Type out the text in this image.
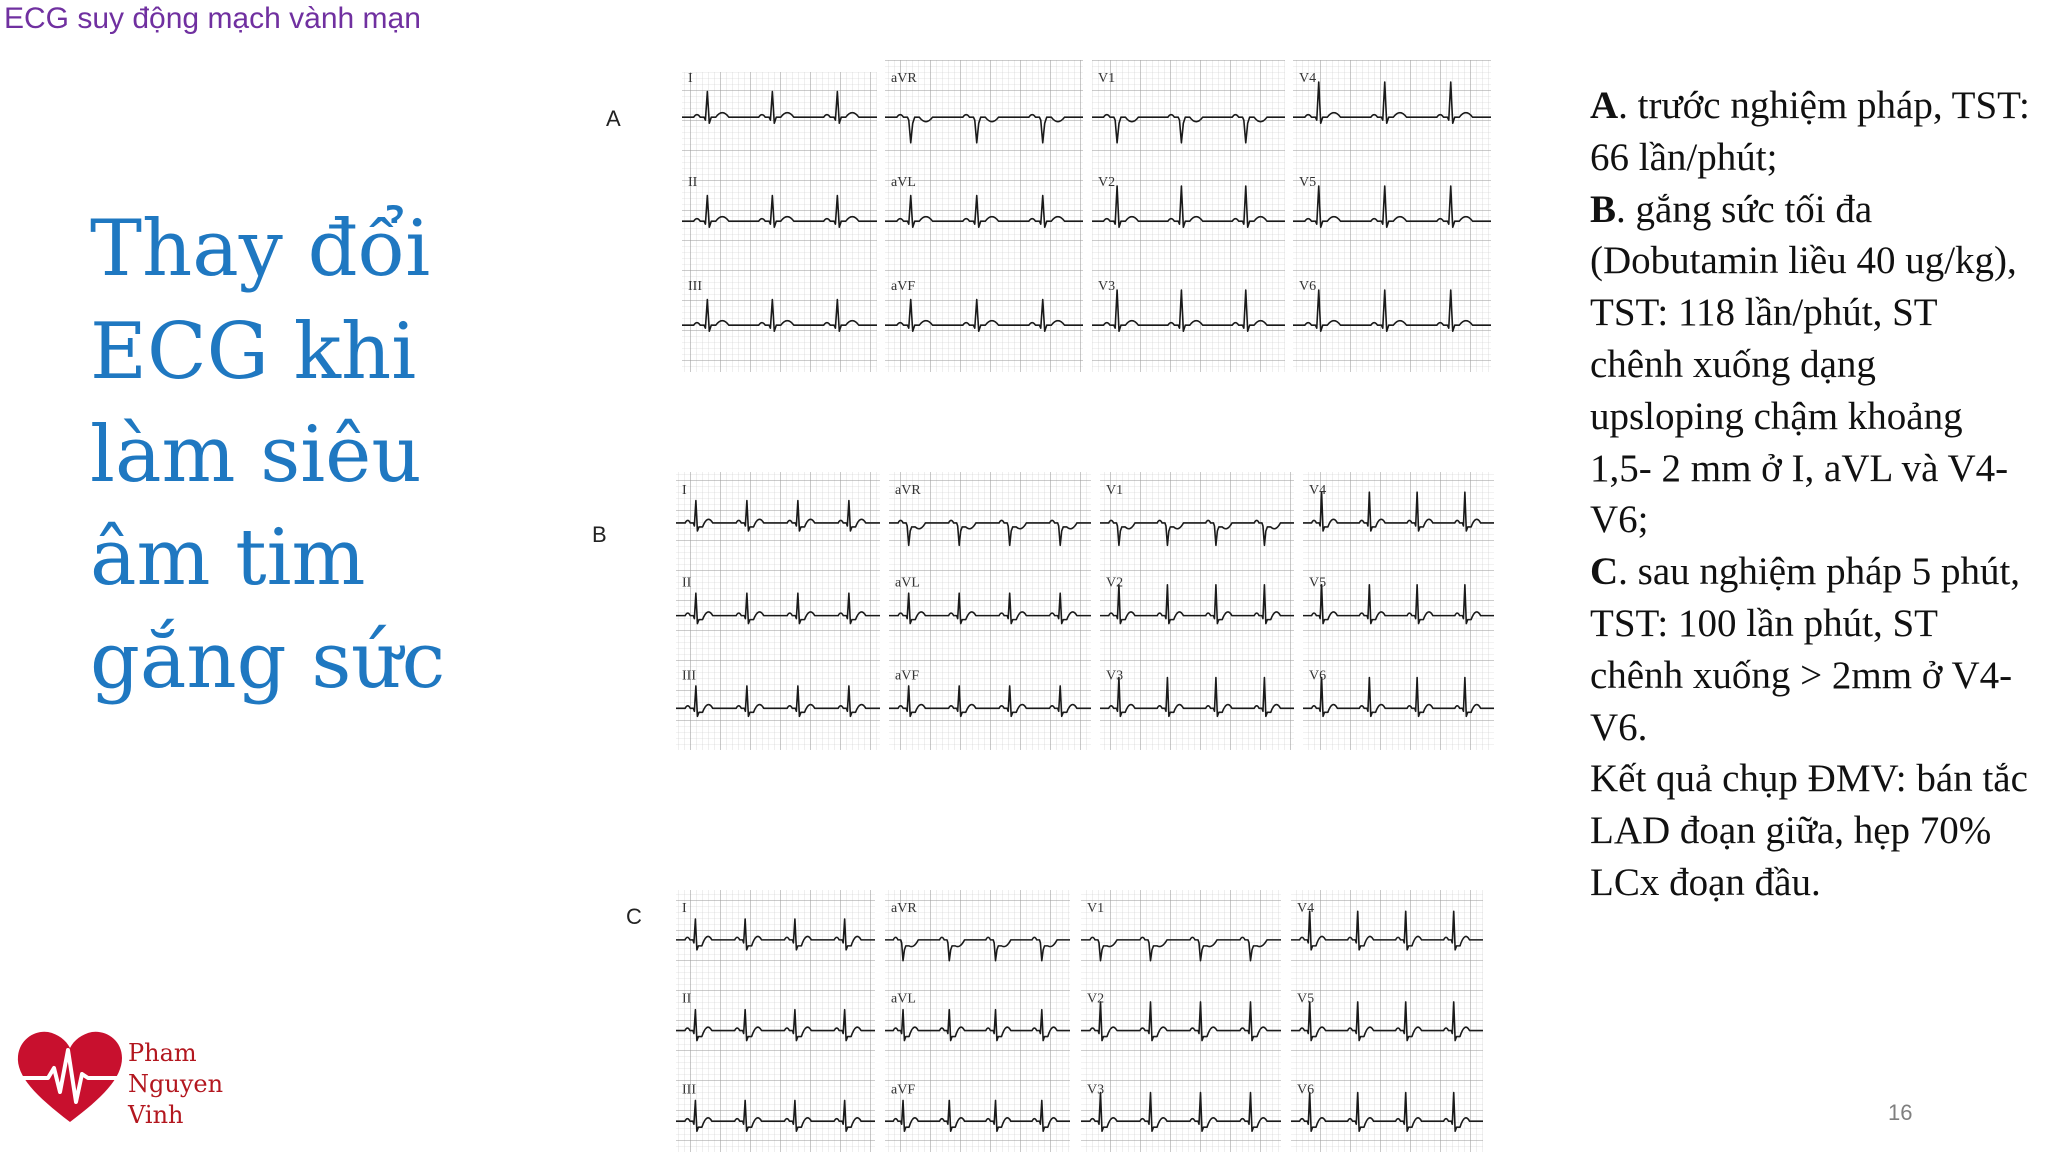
ECG suy động mạch vành mạn
Thay đổi
ECG khi
làm siêu
âm tim
gắng sức
A
B
C
I
II
III
aVR
aVL
aVF
V1
V2
V3
V4
V5
V6
I
II
III
aVR
aVL
aVF
V1
V2
V3
V4
V5
V6
I
II
III
aVR
aVL
aVF
V1
V2
V3
V4
V5
V6
A. trước nghiệm pháp, TST: 66 lần/phút;
B. gắng sức tối đa (Dobutamin liều 40 ug/kg), TST: 118 lần/phút, ST chênh xuống dạng upsloping chậm khoảng 1,5- 2 mm ở I, aVL và V4-V6;
C. sau nghiệm pháp 5 phút, TST: 100 lần phút, ST chênh xuống > 2mm ở V4-V6.
Kết quả chụp ĐMV: bán tắc LAD đoạn giữa, hẹp 70% LCx đoạn đầu.
Pham
Nguyen
Vinh	16
